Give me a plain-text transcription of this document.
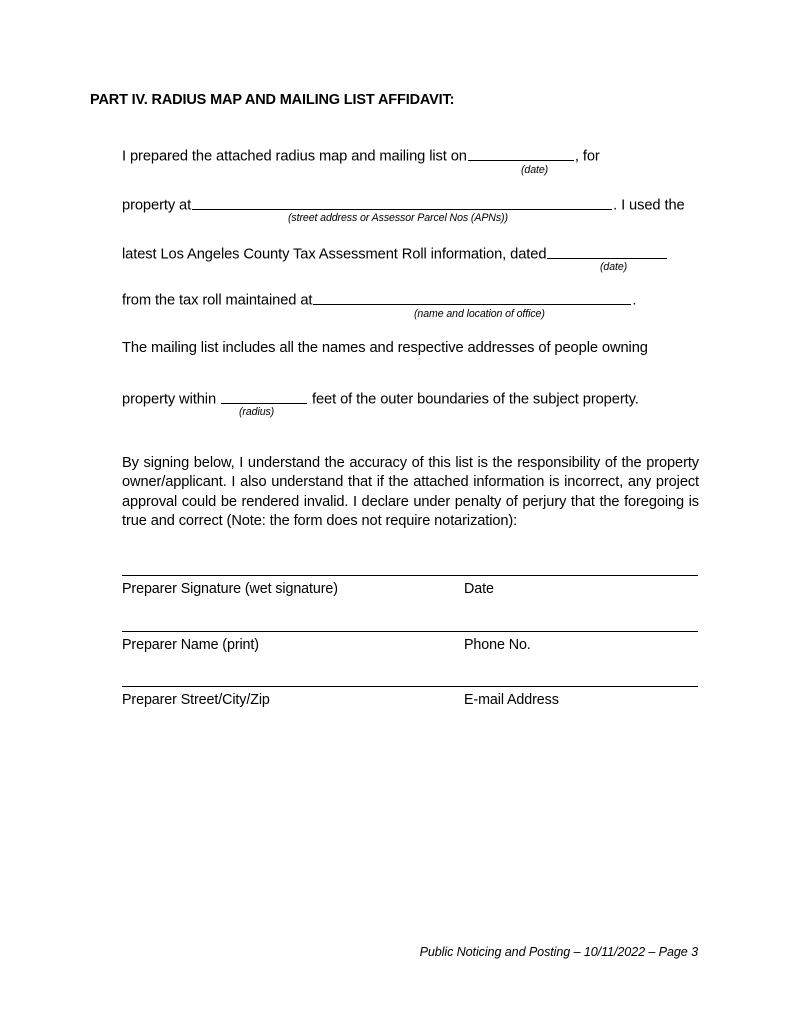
PART IV. RADIUS MAP AND MAILING LIST AFFIDAVIT:
I prepared the attached radius map and mailing list on	, for
(date)
property at	. I used the
(street address or Assessor Parcel Nos (APNs))
latest Los Angeles County Tax Assessment Roll information, dated
(date)
from the tax roll maintained at	.
(name and location of office)
The mailing list includes all the names and respective addresses of people owning
property within	feet of the outer boundaries of the subject property.
(radius)
By signing below, I understand the accuracy of this list is the responsibility of the property owner/applicant. I also understand that if the attached information is incorrect, any project approval could be rendered invalid. I declare under penalty of perjury that the foregoing is true and correct (Note: the form does not require notarization):
Preparer Signature (wet signature)	Date
Preparer Name (print)	Phone No.
Preparer Street/City/Zip	E-mail Address
Public Noticing and Posting – 10/11/2022 – Page 3
